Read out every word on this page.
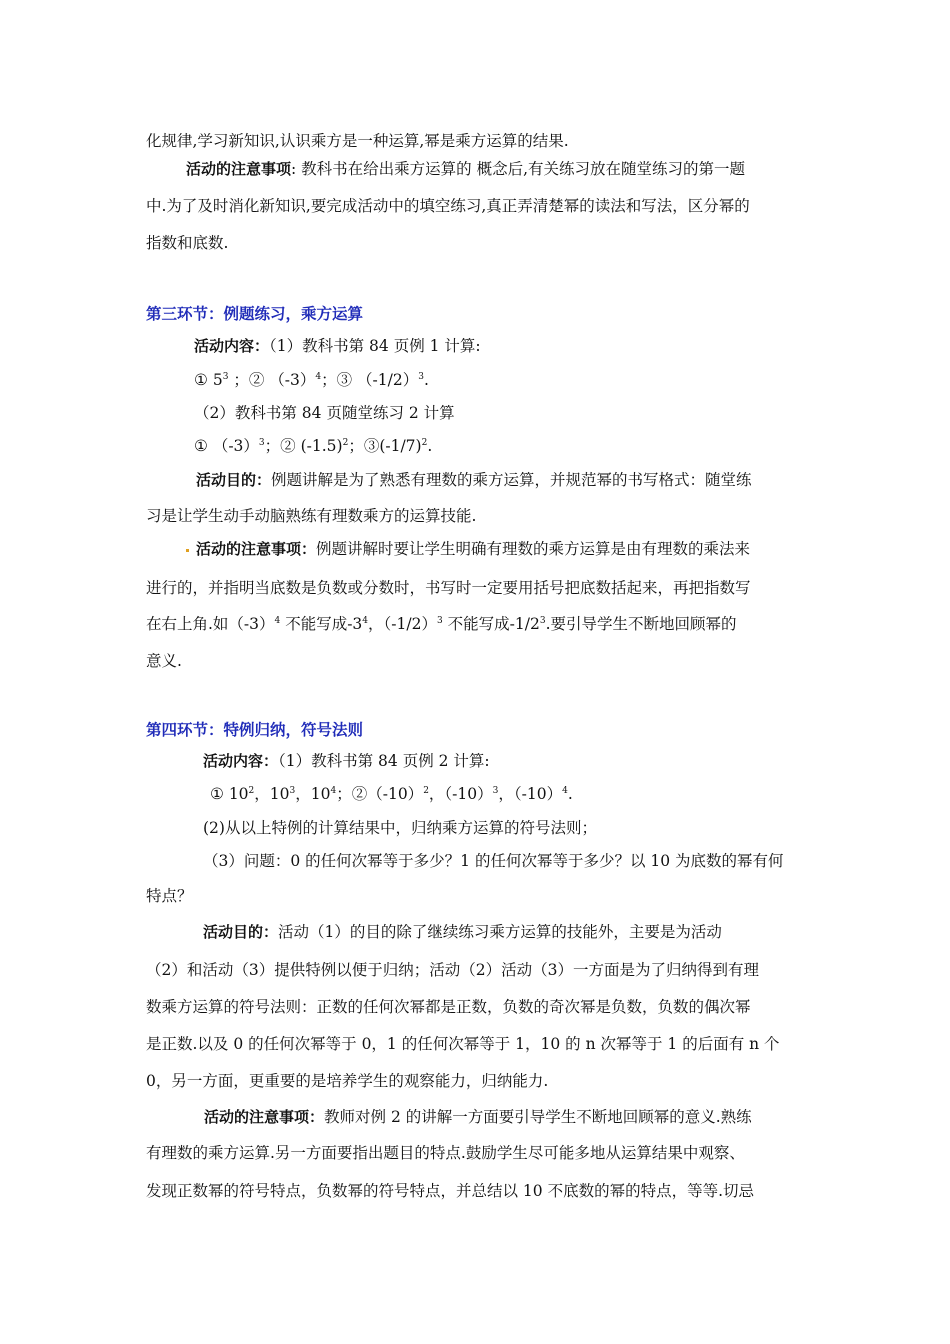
化规律,学习新知识,认识乘方是一种运算,幂是乘方运算的结果.
活动的注意事项: 教科书在给出乘方运算的 概念后,有关练习放在随堂练习的第一题
中.为了及时消化新知识,要完成活动中的填空练习,真正弄清楚幂的读法和写法，区分幂的
指数和底数.
第三环节：例题练习，乘方运算
活动内容：（1）教科书第 84 页例 1 计算:
① $5^3$ ；② $(-3)^4$；③ $(-1/2)^3$.
（2）教科书第 84 页随堂练习 2 计算
① $(-3)^3$；② $(-1.5)^2$；$③(-1/7)^2$.
活动目的：例题讲解是为了熟悉有理数的乘方运算，并规范幂的书写格式：随堂练
习是让学生动手动脑熟练有理数乘方的运算技能.
活动的注意事项：例题讲解时要让学生明确有理数的乘方运算是由有理数的乘法来
进行的，并指明当底数是负数或分数时，书写时一定要用括号把底数括起来，再把指数写
在右上角.如$(-3)^4$ 不能写成$-3^4$，$(-1/2)^3$ 不能写成$-1/2^3$.要引导学生不断地回顾幂的
意义.
第四环节：特例归纳，符号法则
活动内容：（1）教科书第 84 页例 2 计算:
① $10^2$，$10^3$，$10^4$；$②(-10)^2$，$(-10)^3$，$(-10)^4$.
(2)从以上特例的计算结果中，归纳乘方运算的符号法则；
（3）问题：0 的任何次幂等于多少？1 的任何次幂等于多少？以 10 为底数的幂有何
特点？
活动目的：活动（1）的目的除了继续练习乘方运算的技能外，主要是为活动
（2）和活动（3）提供特例以便于归纳；活动（2）活动（3）一方面是为了归纳得到有理
数乘方运算的符号法则：正数的任何次幂都是正数，负数的奇次幂是负数，负数的偶次幂
是正数.以及 0 的任何次幂等于 0，1 的任何次幂等于 1，10 的 n 次幂等于 1 的后面有 n 个
0，另一方面，更重要的是培养学生的观察能力，归纳能力.
活动的注意事项：教师对例 2 的讲解一方面要引导学生不断地回顾幂的意义.熟练
有理数的乘方运算.另一方面要指出题目的特点.鼓励学生尽可能多地从运算结果中观察、
发现正数幂的符号特点，负数幂的符号特点，并总结以 10 不底数的幂的特点，等等.切忌
